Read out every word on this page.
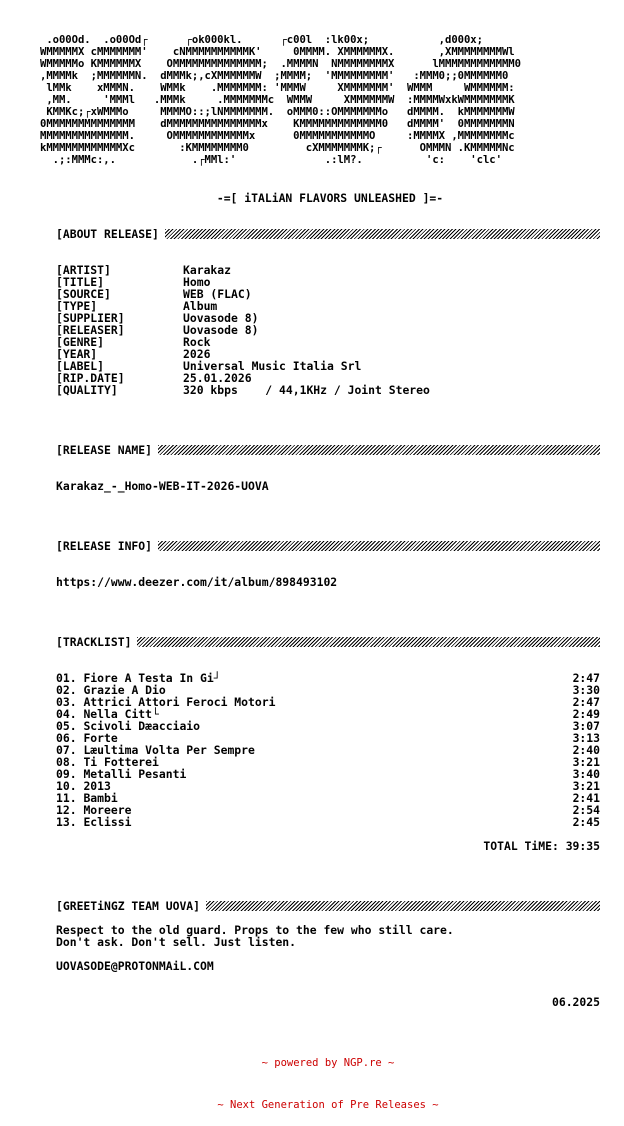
.o00Od.  .o00Od┌      ┌ok000kl.      ┌c00l  :lk00x;           ,d000x;
WMMMMMX cMMMMMMM'    cNMMMMMMMMMMK'     0MMMM. XMMMMMMX.       ,XMMMMMMMMWl
WMMMMMo KMMMMMMX    OMMMMMMMMMMMMMM;  .MMMMN  NMMMMMMMMX      lMMMMMMMMMMMM0
,MMMMk  ;MMMMMMN.  dMMMk;,cXMMMMMMW  ;MMMM;  'MMMMMMMMM'   :MMM0;;0MMMMMM0
lMMk    xMMMN.    WMMk    .MMMMMMM: 'MMMW     XMMMMMMM'  WMMM     WMMMMMM:
,MM.     'MMMl   .MMMk     .MMMMMMMc  WMMW     XMMMMMMW  :MMMMWxkWMMMMMMMK
KMMKc;┌xWMMMo     MMMMO::;lNMMMMMMM.  oMMM0::OMMMMMMMo   dMMMM.  kMMMMMMMW
0MMMMMMMMMMMMMM    dMMMMMMMMMMMMMMMx    KMMMMMMMMMMMMM0   dMMMM'  0MMMMMMMN
MMMMMMMMMMMMMM.     OMMMMMMMMMMMMx      0MMMMMMMMMMMO     :MMMMX ,MMMMMMMMc
kMMMMMMMMMMMMXc       :KMMMMMMMM0         cXMMMMMMMK;┌      OMMMN .KMMMMMNc
.;:MMMc:,.            .┌MMl:'              .:lM?.          'c:    'clc'
-=[ iTALiAN FLAVORS UNLEASHED ]=-
[ABOUT RELEASE]
[ARTIST]	Karakaz
[TITLE]	Homo
[SOURCE]	WEB (FLAC)
[TYPE]	Album
[SUPPLIER]	Uovasode 8)
[RELEASER]	Uovasode 8)
[GENRE]	Rock
[YEAR]	2026
[LABEL]	Universal Music Italia Srl
[RIP.DATE]	25.01.2026
[QUALITY]	320 kbps    / 44,1KHz / Joint Stereo
[RELEASE NAME]
Karakaz_-_Homo-WEB-IT-2026-UOVA
[RELEASE INFO]
https://www.deezer.com/it/album/898493102
[TRACKLIST]
01. Fiore A Testa In Gi┘	2:47
02. Grazie A Dio	3:30
03. Attrici Attori Feroci Motori	2:47
04. Nella Citt└	2:49
05. Scivoli Dæacciaio	3:07
06. Forte	3:13
07. Læultima Volta Per Sempre	2:40
08. Ti Fotterei	3:21
09. Metalli Pesanti	3:40
10. 2013	3:21
11. Bambi	2:41
12. Moreere	2:54
13. Eclissi	2:45
TOTAL TiME: 39:35
[GREETiNGZ TEAM UOVA]
Respect to the old guard. Props to the few who still care.
Don't ask. Don't sell. Just listen.
UOVASODE@PROTONMAiL.COM
06.2025

~ powered by NGP.re ~

~ Next Generation of Pre Releases ~
